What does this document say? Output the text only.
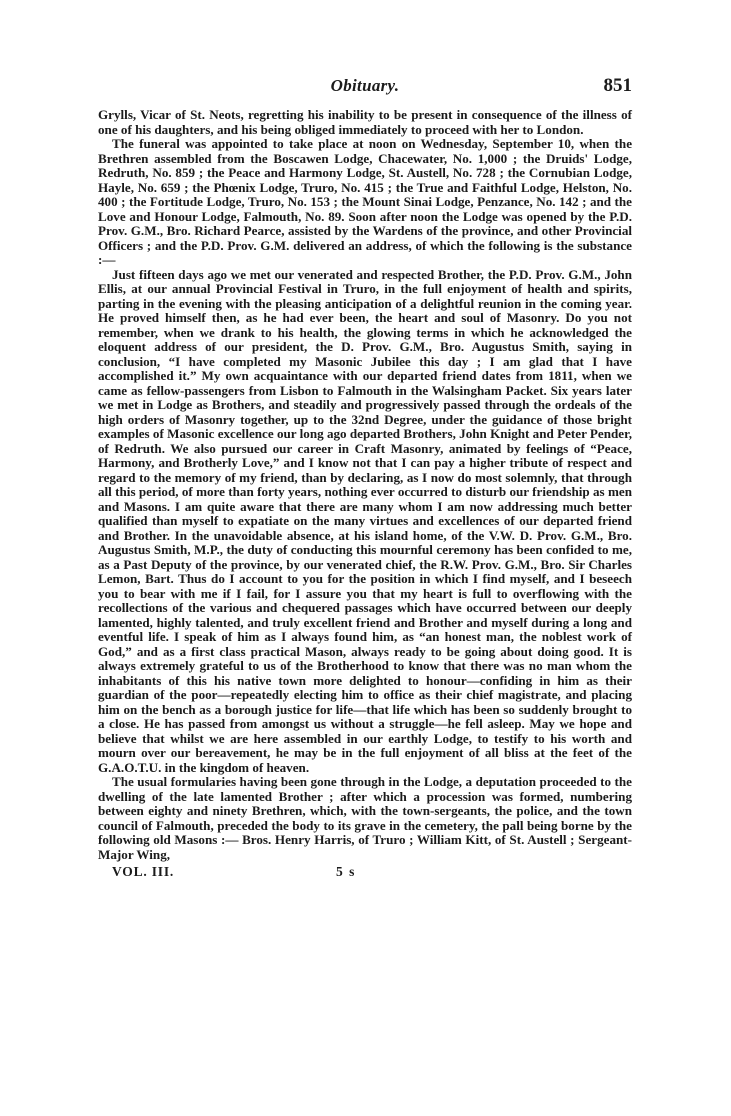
Obituary.	851

Grylls, Vicar of St. Neots, regretting his inability to be present in consequence of the illness of one of his daughters, and his being obliged immediately to proceed with her to London.

The funeral was appointed to take place at noon on Wednesday, September 10, when the Brethren assembled from the Boscawen Lodge, Chacewater, No. 1,000 ; the Druids' Lodge, Redruth, No. 859 ; the Peace and Harmony Lodge, St. Austell, No. 728 ; the Cornubian Lodge, Hayle, No. 659 ; the Phœnix Lodge, Truro, No. 415 ; the True and Faithful Lodge, Helston, No. 400 ; the Fortitude Lodge, Truro, No. 153 ; the Mount Sinai Lodge, Penzance, No. 142 ; and the Love and Honour Lodge, Falmouth, No. 89. Soon after noon the Lodge was opened by the P.D. Prov. G.M., Bro. Richard Pearce, assisted by the Wardens of the province, and other Provincial Officers ; and the P.D. Prov. G.M. delivered an address, of which the following is the substance :—

Just fifteen days ago we met our venerated and respected Brother, the P.D. Prov. G.M., John Ellis, at our annual Provincial Festival in Truro, in the full enjoyment of health and spirits, parting in the evening with the pleasing anticipation of a delightful reunion in the coming year. He proved himself then, as he had ever been, the heart and soul of Masonry. Do you not remember, when we drank to his health, the glowing terms in which he acknowledged the eloquent address of our president, the D. Prov. G.M., Bro. Augustus Smith, saying in conclusion, “I have completed my Masonic Jubilee this day ; I am glad that I have accomplished it.” My own acquaintance with our departed friend dates from 1811, when we came as fellow-passengers from Lisbon to Falmouth in the Walsingham Packet. Six years later we met in Lodge as Brothers, and steadily and progressively passed through the ordeals of the high orders of Masonry together, up to the 32nd Degree, under the guidance of those bright examples of Masonic excellence our long ago departed Brothers, John Knight and Peter Pender, of Redruth. We also pursued our career in Craft Masonry, animated by feelings of “Peace, Harmony, and Brotherly Love,” and I know not that I can pay a higher tribute of respect and regard to the memory of my friend, than by declaring, as I now do most solemnly, that through all this period, of more than forty years, nothing ever occurred to disturb our friendship as men and Masons. I am quite aware that there are many whom I am now addressing much better qualified than myself to expatiate on the many virtues and excellences of our departed friend and Brother. In the unavoidable absence, at his island home, of the V.W. D. Prov. G.M., Bro. Augustus Smith, M.P., the duty of conducting this mournful ceremony has been confided to me, as a Past Deputy of the province, by our venerated chief, the R.W. Prov. G.M., Bro. Sir Charles Lemon, Bart. Thus do I account to you for the position in which I find myself, and I beseech you to bear with me if I fail, for I assure you that my heart is full to overflowing with the recollections of the various and chequered passages which have occurred between our deeply lamented, highly talented, and truly excellent friend and Brother and myself during a long and eventful life. I speak of him as I always found him, as “an honest man, the noblest work of God,” and as a first class practical Mason, always ready to be going about doing good. It is always extremely grateful to us of the Brotherhood to know that there was no man whom the inhabitants of this his native town more delighted to honour—confiding in him as their guardian of the poor—repeatedly electing him to office as their chief magistrate, and placing him on the bench as a borough justice for life—that life which has been so suddenly brought to a close. He has passed from amongst us without a struggle—he fell asleep. May we hope and believe that whilst we are here assembled in our earthly Lodge, to testify to his worth and mourn over our bereavement, he may be in the full enjoyment of all bliss at the feet of the G.A.O.T.U. in the kingdom of heaven.

The usual formularies having been gone through in the Lodge, a deputation proceeded to the dwelling of the late lamented Brother ; after which a procession was formed, numbering between eighty and ninety Brethren, which, with the town-sergeants, the police, and the town council of Falmouth, preceded the body to its grave in the cemetery, the pall being borne by the following old Masons :— Bros. Henry Harris, of Truro ; William Kitt, of St. Austell ; Sergeant-Major Wing,

VOL. III.	5 s
